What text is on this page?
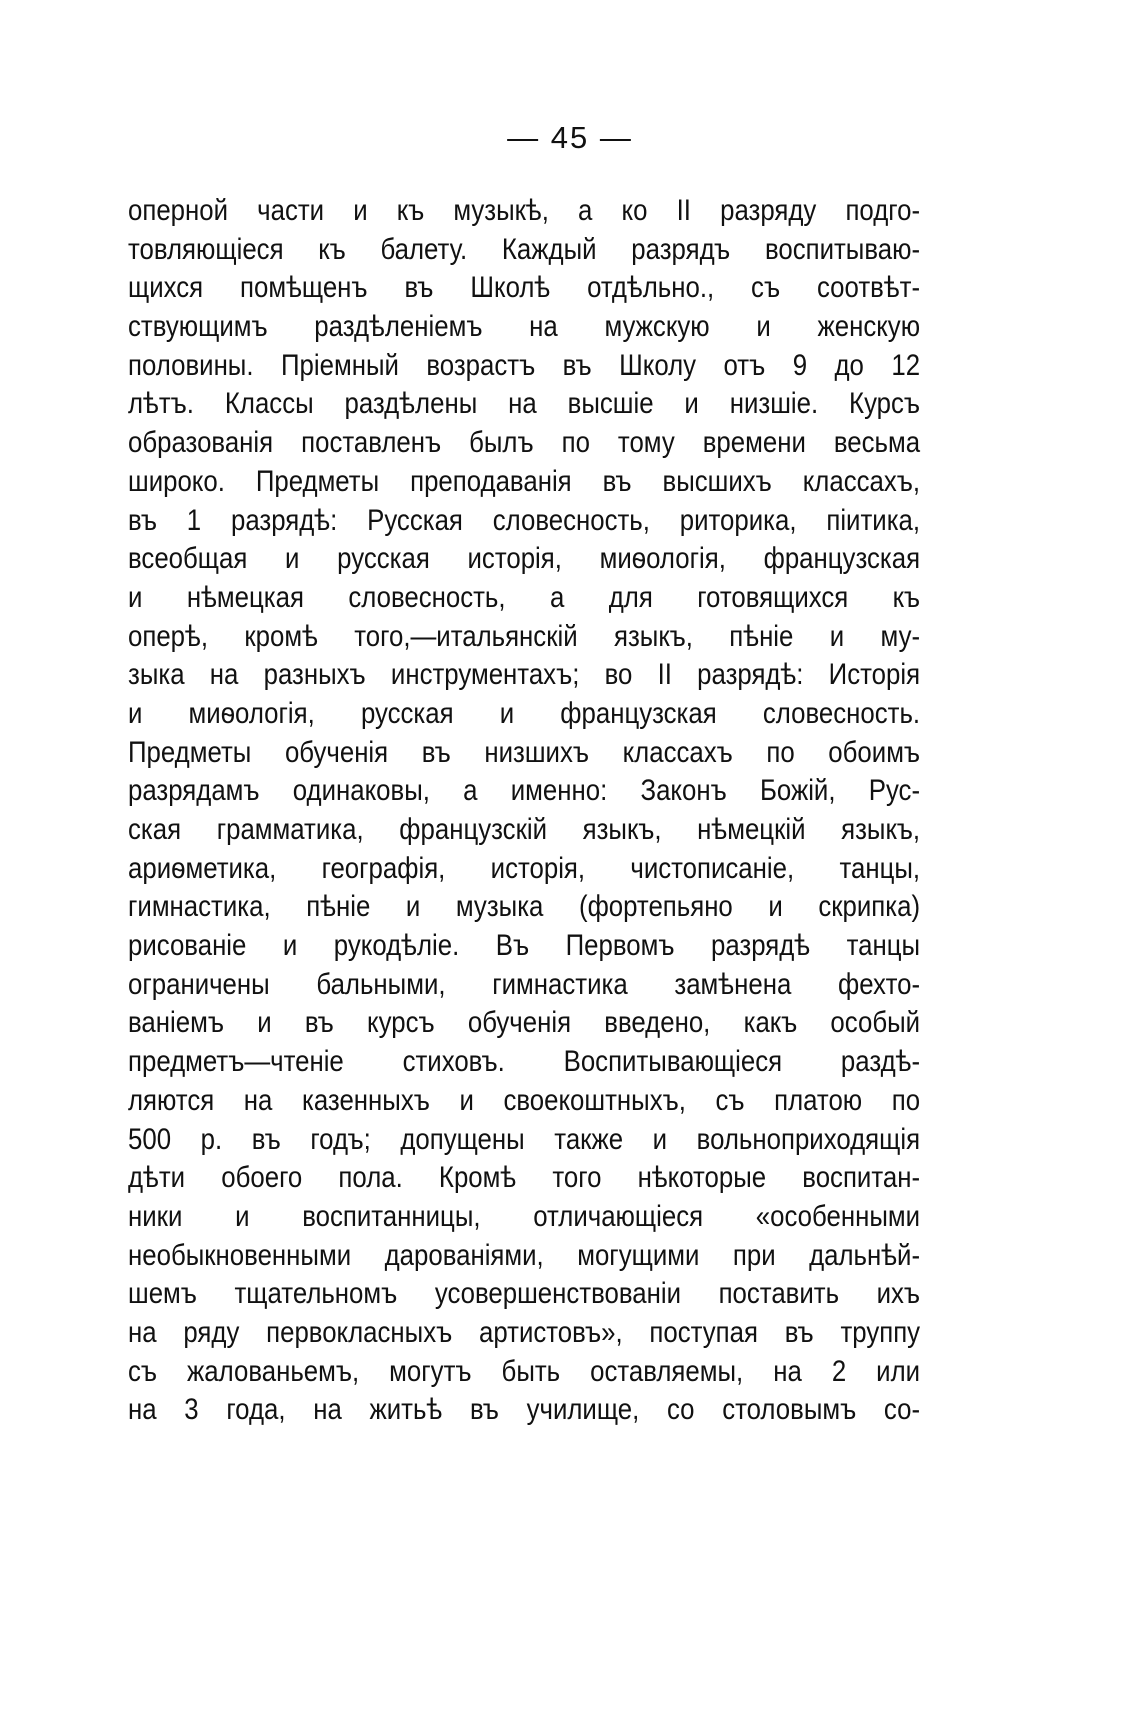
— 45 —
оперной части и къ музыкѣ, а ко II разряду подго-
товляющіеся къ балету. Каждый разрядъ воспитываю-
щихся помѣщенъ въ Школѣ отдѣльно., съ соотвѣт-
ствующимъ раздѣленіемъ на мужскую и женскую
половины. Пріемный возрастъ въ Школу отъ 9 до 12
лѣтъ. Классы раздѣлены на высшіе и низшіе. Курсъ
образованія поставленъ былъ по тому времени весьма
широко. Предметы преподаванія въ высшихъ классахъ,
въ 1 разрядѣ: Русская словесность, риторика, піитика,
всеобщая и русская исторія, миѳологія, французская
и нѣмецкая словесность, а для готовящихся къ
оперѣ, кромѣ того,—итальянскій языкъ, пѣніе и му-
зыка на разныхъ инструментахъ; во II разрядѣ: Исторія
и миѳологія, русская и французская словесность.
Предметы обученія въ низшихъ классахъ по обоимъ
разрядамъ одинаковы, а именно: Законъ Божій, Рус-
ская грамматика, французскій языкъ, нѣмецкій языкъ,
ариѳметика, географія, исторія, чистописаніе, танцы,
гимнастика, пѣніе и музыка (фортепьяно и скрипка)
рисованіе и рукодѣліе. Въ Первомъ разрядѣ танцы
ограничены бальными, гимнастика замѣнена фехто-
ваніемъ и въ курсъ обученія введено, какъ особый
предметъ—чтеніе стиховъ. Воспитывающіеся раздѣ-
ляются на казенныхъ и своекоштныхъ, съ платою по
500 р. въ годъ; допущены также и вольноприходящія
дѣти обоего пола. Кромѣ того нѣкоторые воспитан-
ники и воспитанницы, отличающіеся «особенными
необыкновенными дарованіями, могущими при дальнѣй-
шемъ тщательномъ усовершенствованіи поставить ихъ
на ряду первокласныхъ артистовъ», поступая въ труппу
съ жалованьемъ, могутъ быть оставляемы, на 2 или
на 3 года, на житьѣ въ училище, со столовымъ со-
